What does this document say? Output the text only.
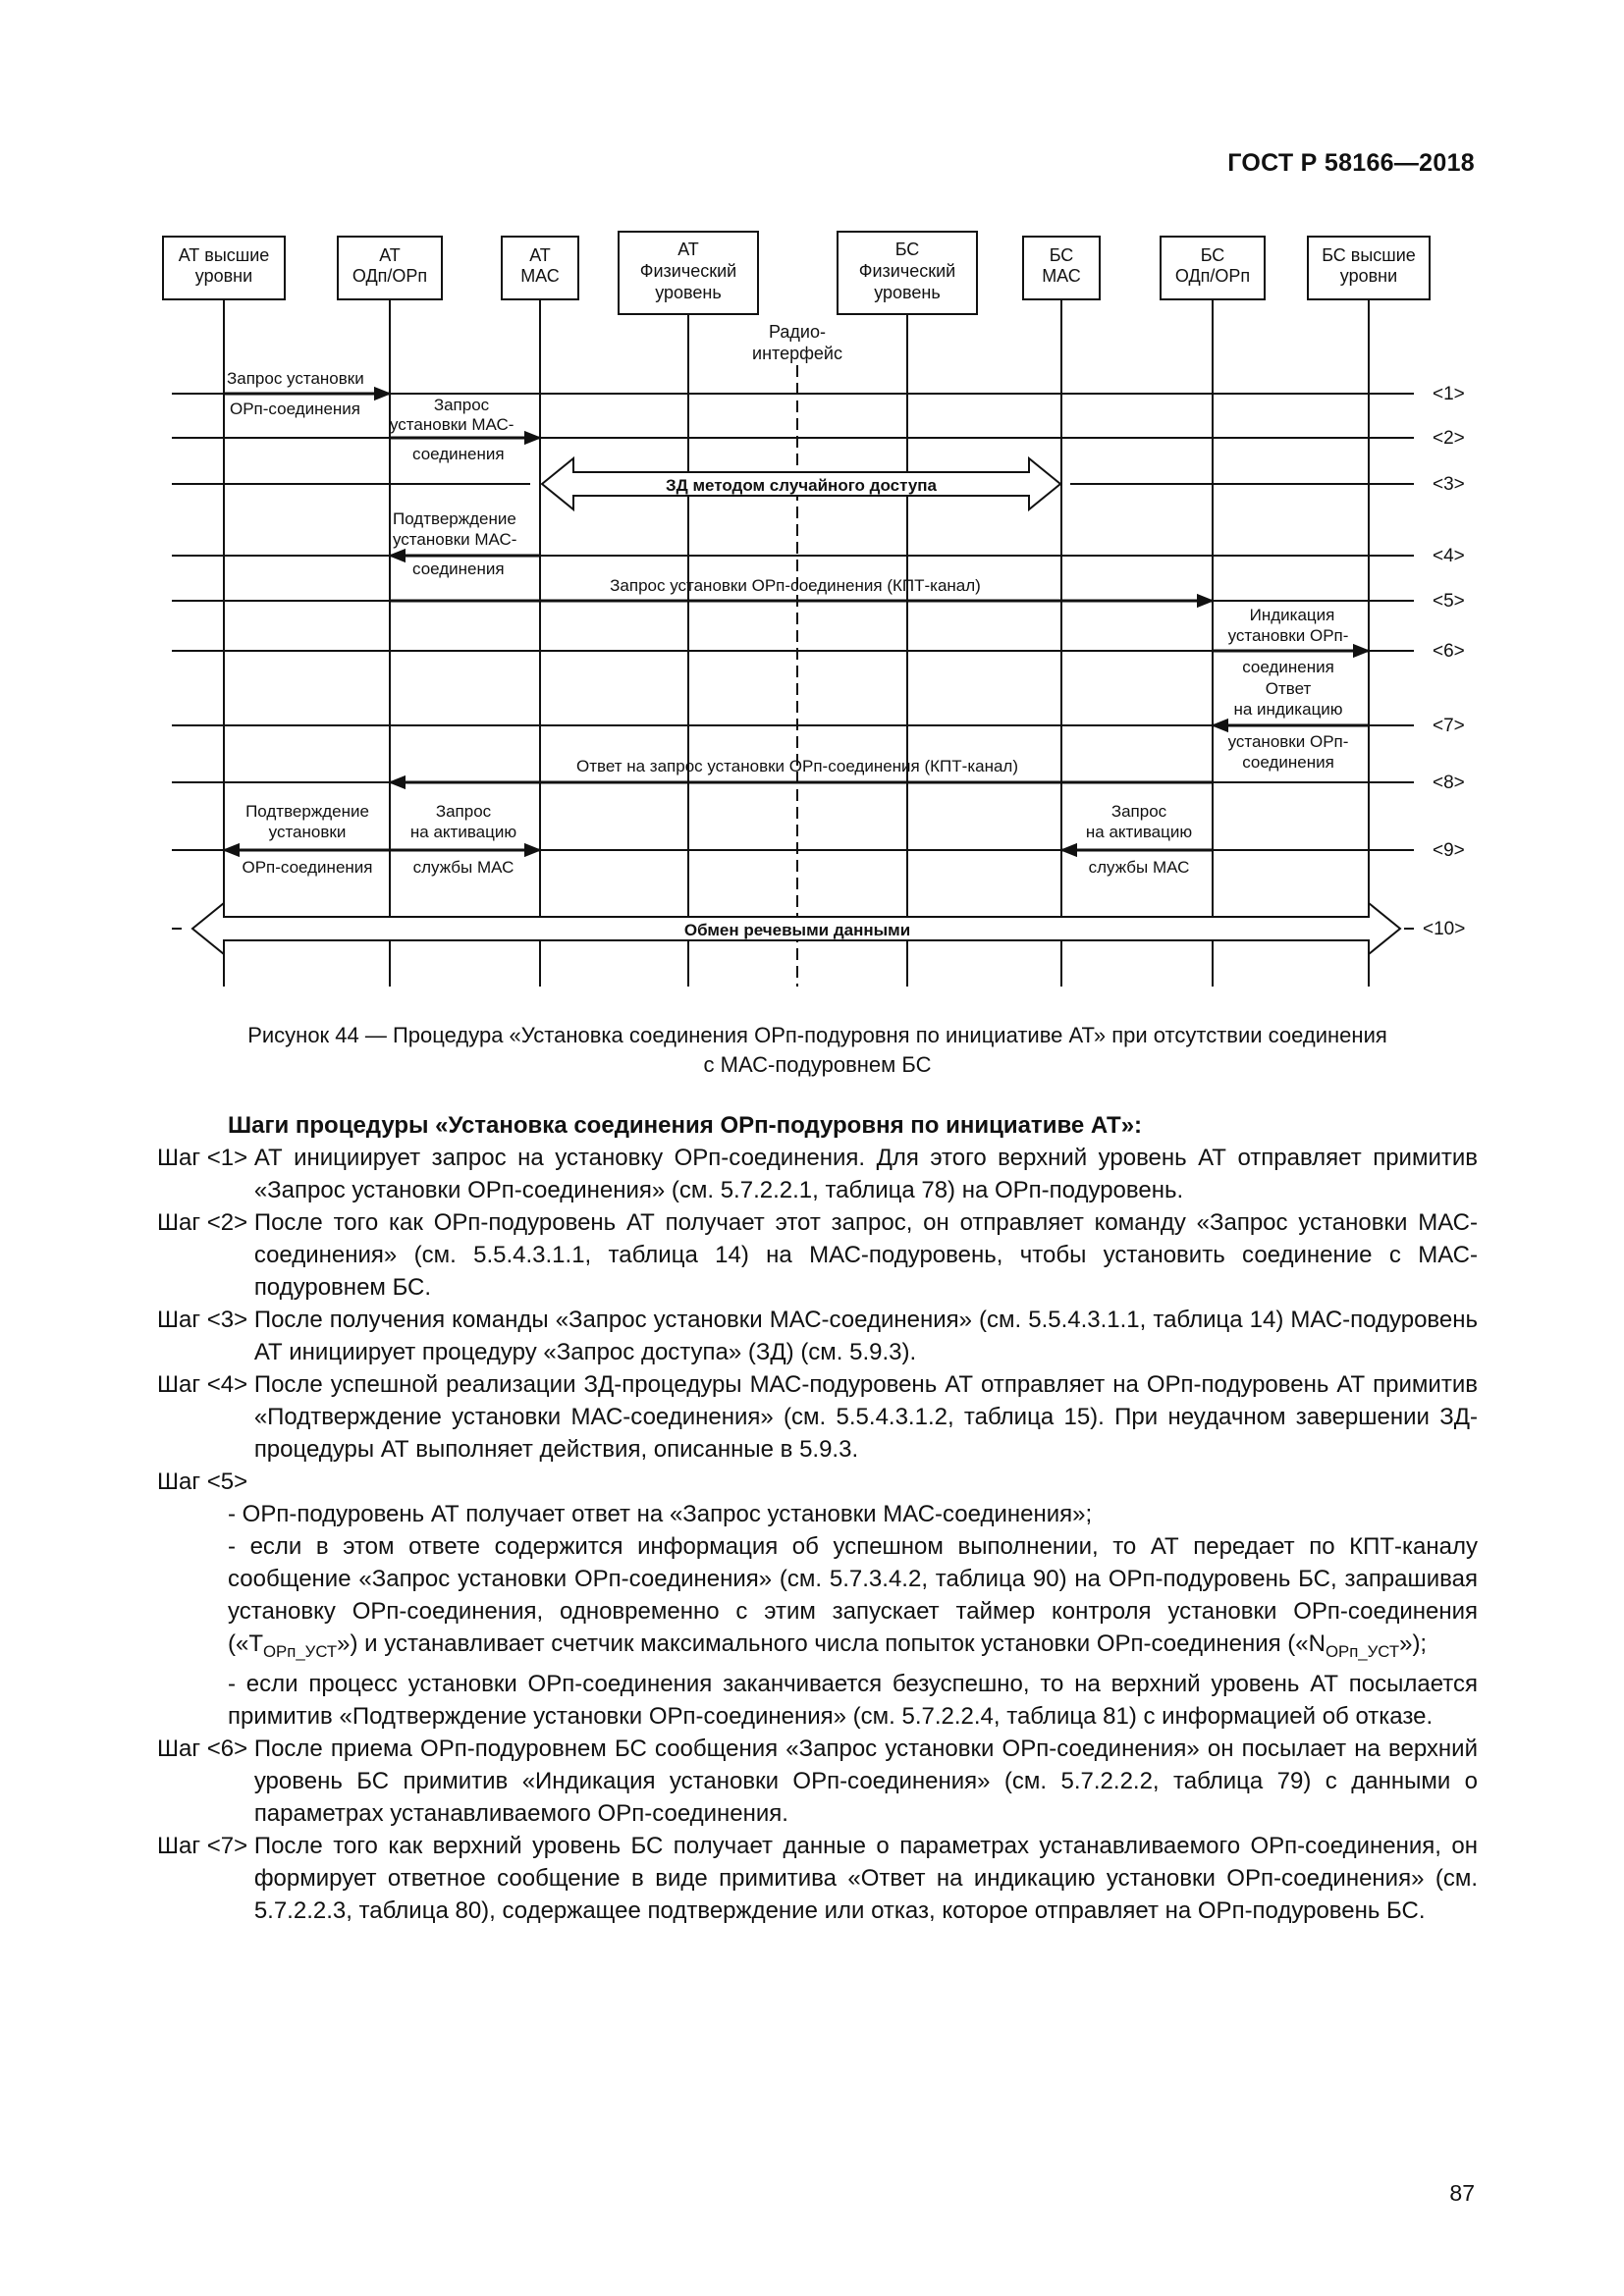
ГОСТ Р 58166—2018
АТ высшие
уровни
АТ
ОДп/ОРп
АТ
МАС
АТ
Физический
уровень
БС
Физический
уровень
БС
МАС
БС
ОДп/ОРп
БС высшие
уровни
Радио-
интерфейс
<1>
<2>
<3>
<4>
<5>
<6>
<7>
<8>
<9>
<10>
Запрос установки
ОРп-соединения	Запрос
установки МАС-
соединения
ЗД методом случайного доступа
Подтверждение
установки МАС-
соединения
Запрос установки ОРп-соединения (КПТ-канал)
Индикация
установки ОРп-
соединения
Ответ
на индикацию
установки ОРп-
соединения
Ответ на запрос установки ОРп-соединения (КПТ-канал)
Подтверждение
установки
ОРп-соединения
Запрос
на активацию
службы МАС
Запрос
на активацию
службы МАС
Обмен речевыми данными
Рисунок 44 — Процедура «Установка соединения ОРп-подуровня по инициативе АТ» при отсутствии соединения
с МАС-подуровнем БС

Шаги процедуры «Установка соединения ОРп-подуровня по инициативе АТ»:

Шаг <1> АТ инициирует запрос на установку ОРп-соединения. Для этого верхний уровень АТ отправляет примитив «Запрос установки ОРп-соединения» (см. 5.7.2.2.1, таблица 78) на ОРп-подуровень.
Шаг <2> После того как ОРп-подуровень АТ получает этот запрос, он отправляет команду «Запрос установки МАС-соединения» (см. 5.5.4.3.1.1, таблица 14) на МАС-подуровень, чтобы установить соединение с МАС-подуровнем БС.
Шаг <3> После получения команды «Запрос установки МАС-соединения» (см. 5.5.4.3.1.1, таблица 14) МАС-подуровень АТ инициирует процедуру «Запрос доступа» (ЗД) (см. 5.9.3).
Шаг <4> После успешной реализации ЗД-процедуры МАС-подуровень АТ отправляет на ОРп-подуровень АТ примитив «Подтверждение установки МАС-соединения» (см. 5.5.4.3.1.2, таблица 15). При неудачном завершении ЗД-процедуры АТ выполняет действия, описанные в 5.9.3.

Шаг <5>

- ОРп-подуровень АТ получает ответ на «Запрос установки МАС-соединения»;

- если в этом ответе содержится информация об успешном выполнении, то АТ передает по КПТ-каналу сообщение «Запрос установки ОРп-соединения» (см. 5.7.3.4.2, таблица 90) на ОРп-подуровень БС, запрашивая установку ОРп-соединения, одновременно с этим запускает таймер контроля установки ОРп-соединения $(«T_{ОРп\_УСТ}»)$ и устанавливает счетчик максимального числа попыток установки ОРп-соединения $(«N_{ОРп\_УСТ}»)$;

- если процесс установки ОРп-соединения заканчивается безуспешно, то на верхний уровень АТ посылается примитив «Подтверждение установки ОРп-соединения» (см. 5.7.2.2.4, таблица 81) с информацией об отказе.

Шаг <6> После приема ОРп-подуровнем БС сообщения «Запрос установки ОРп-соединения» он посылает на верхний уровень БС примитив «Индикация установки ОРп-соединения» (см. 5.7.2.2.2, таблица 79) с данными о параметрах устанавливаемого ОРп-соединения.
Шаг <7> После того как верхний уровень БС получает данные о параметрах устанавливаемого ОРп-соединения, он формирует ответное сообщение в виде примитива «Ответ на индикацию установки ОРп-соединения» (см. 5.7.2.2.3, таблица 80), содержащее подтверждение или отказ, которое отправляет на ОРп-подуровень БС.
87
